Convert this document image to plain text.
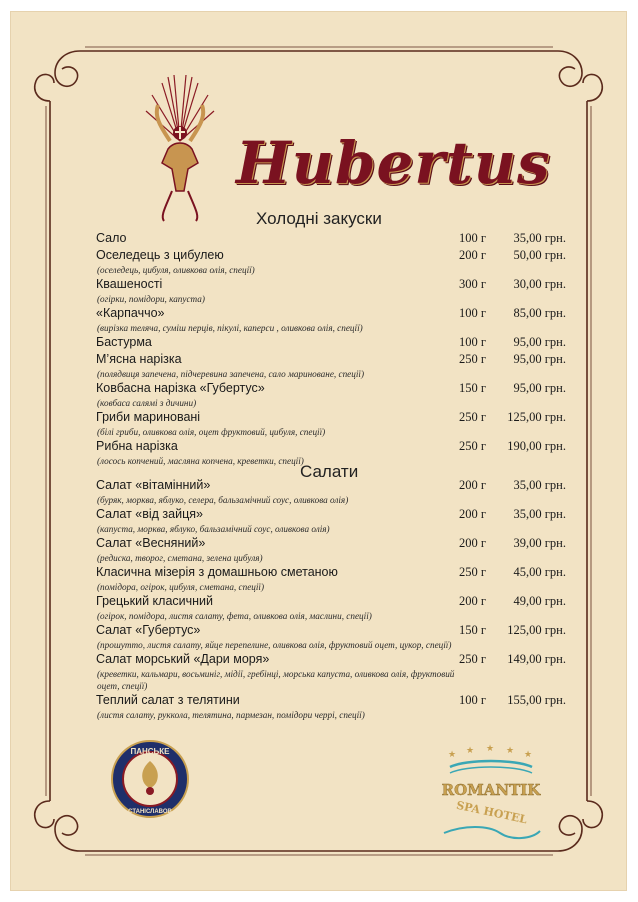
Hubertus
Холодні закуски
Сало	100 г	35,00 грн.
Оселедець з цибулею	200 г	50,00 грн.
(оселедець, цибуля, оливкова олія, спеції)
Квашеності	300 г	30,00 грн.
(огірки, помідори, капуста)
«Карпаччо»	100 г	85,00 грн.
(вирізка теляча, суміш перців, пікулі, каперси , оливкова олія, спеції)
Бастурма	100 г	95,00 грн.
М’ясна нарізка	250 г	95,00 грн.
(полядвиця запечена, підчеревина запечена, сало мариноване, спеції)
Ковбасна нарізка «Губертус»	150 г	95,00 грн.
(ковбаса салямі з дичини)
Гриби мариновані	250 г	125,00 грн.
(білі гриби, оливкова олія, оцет фруктовий, цибуля, спеції)
Рибна нарізка	250 г	190,00 грн.
(лосось копчений, масляна копчена, креветки, спеції)
Салати
Салат «вітамінний»	200 г	35,00 грн.
(буряк, морква, яблуко, селера, бальзамічний соус, оливкова олія)
Салат «від зайця»	200 г	35,00 грн.
(капуста, морква, яблуко, бальзамічний соус, оливкова олія)
Салат «Весняний»	200 г	39,00 грн.
(редиска, творог, сметана, зелена цибуля)
Класична мізерія з домашньою сметаною	250 г	45,00 грн.
(помідора, огірок, цибуля, сметана, спеції)
Грецький класичний	200 г	49,00 грн.
(огірок, помідора, листя салату, фета, оливкова олія, маслини, спеції)
Салат «Губертус»	150 г	125,00 грн.
(прошутто, листя салату, яйце перепелине, оливкова олія, фруктовий оцет, цукор, спеції)
Салат морський «Дари моря»	250 г	149,00 грн.
(креветки, кальмари, восьминіг, мідії, гребінці, морська капуста, оливкова олія, фруктовий оцет, спеції)
Теплий салат з телятини	100 г	155,00 грн.
(листя салату, руккола, телятина, пармезан, помідори черрі, спеції)
ПАНСЬКЕ
СТАНІСЛАВОВ
★ ★ ★ ★ ★
ROMANTIK
SPA HOTEL
